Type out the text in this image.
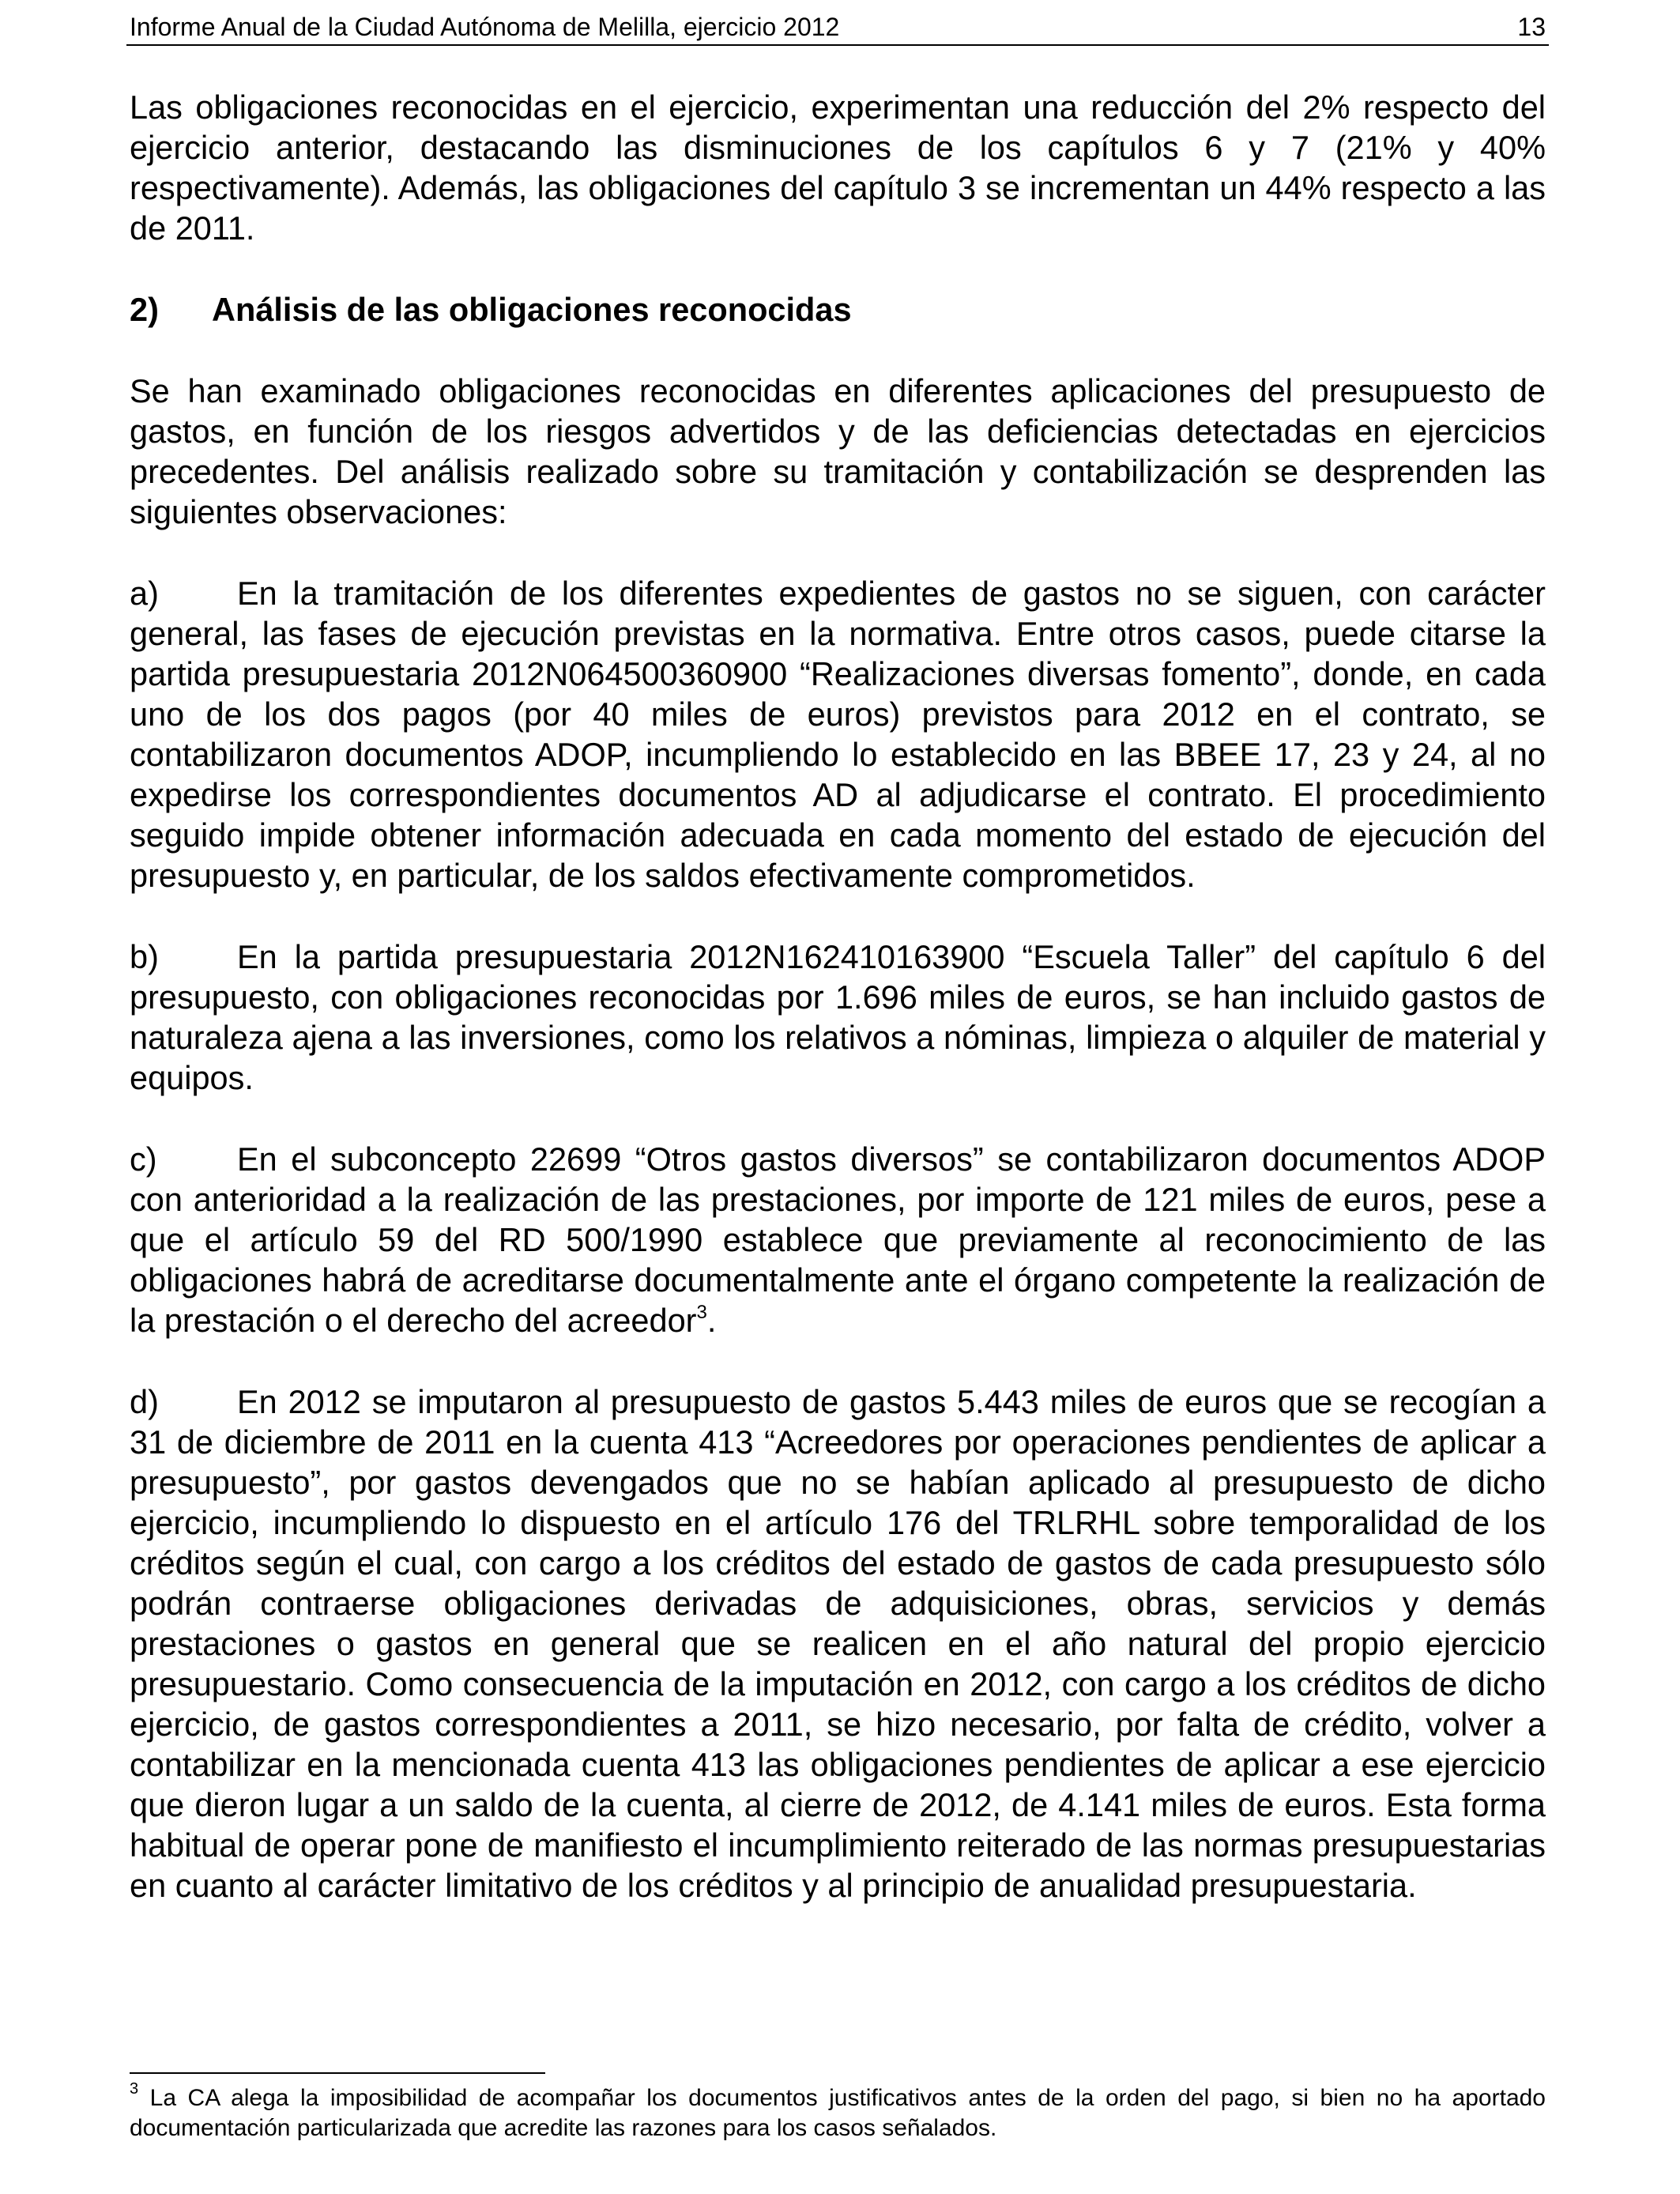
Informe Anual de la Ciudad Autónoma de Melilla, ejercicio 2012	13

Las obligaciones reconocidas en el ejercicio, experimentan una reducción del 2% respecto del ejercicio anterior, destacando las disminuciones de los capítulos 6 y 7 (21% y 40% respectivamente). Además, las obligaciones del capítulo 3 se incrementan un 44% respecto a las de 2011.

2) Análisis de las obligaciones reconocidas

Se han examinado obligaciones reconocidas en diferentes aplicaciones del presupuesto de gastos, en función de los riesgos advertidos y de las deficiencias detectadas en ejercicios precedentes. Del análisis realizado sobre su tramitación y contabilización se desprenden las siguientes observaciones:

a) En la tramitación de los diferentes expedientes de gastos no se siguen, con carácter general, las fases de ejecución previstas en la normativa. Entre otros casos, puede citarse la partida presupuestaria 2012N064500360900 “Realizaciones diversas fomento”, donde, en cada uno de los dos pagos (por 40 miles de euros) previstos para 2012 en el contrato, se contabilizaron documentos ADOP, incumpliendo lo establecido en las BBEE 17, 23 y 24, al no expedirse los correspondientes documentos AD al adjudicarse el contrato. El procedimiento seguido impide obtener información adecuada en cada momento del estado de ejecución del presupuesto y, en particular, de los saldos efectivamente comprometidos.

b) En la partida presupuestaria 2012N162410163900 “Escuela Taller” del capítulo 6 del presupuesto, con obligaciones reconocidas por 1.696 miles de euros, se han incluido gastos de naturaleza ajena a las inversiones, como los relativos a nóminas, limpieza o alquiler de material y equipos.

c) En el subconcepto 22699 “Otros gastos diversos” se contabilizaron documentos ADOP con anterioridad a la realización de las prestaciones, por importe de 121 miles de euros, pese a que el artículo 59 del RD 500/1990 establece que previamente al reconocimiento de las obligaciones habrá de acreditarse documentalmente ante el órgano competente la realización de la prestación o el derecho del acreedor$^3$.

d) En 2012 se imputaron al presupuesto de gastos 5.443 miles de euros que se recogían a 31 de diciembre de 2011 en la cuenta 413 “Acreedores por operaciones pendientes de aplicar a presupuesto”, por gastos devengados que no se habían aplicado al presupuesto de dicho ejercicio, incumpliendo lo dispuesto en el artículo 176 del TRLRHL sobre temporalidad de los créditos según el cual, con cargo a los créditos del estado de gastos de cada presupuesto sólo podrán contraerse obligaciones derivadas de adquisiciones, obras, servicios y demás prestaciones o gastos en general que se realicen en el año natural del propio ejercicio presupuestario. Como consecuencia de la imputación en 2012, con cargo a los créditos de dicho ejercicio, de gastos correspondientes a 2011, se hizo necesario, por falta de crédito, volver a contabilizar en la mencionada cuenta 413 las obligaciones pendientes de aplicar a ese ejercicio que dieron lugar a un saldo de la cuenta, al cierre de 2012, de 4.141 miles de euros. Esta forma habitual de operar pone de manifiesto el incumplimiento reiterado de las normas presupuestarias en cuanto al carácter limitativo de los créditos y al principio de anualidad presupuestaria.

$^3$ La CA alega la imposibilidad de acompañar los documentos justificativos antes de la orden del pago, si bien no ha aportado documentación particularizada que acredite las razones para los casos señalados.
